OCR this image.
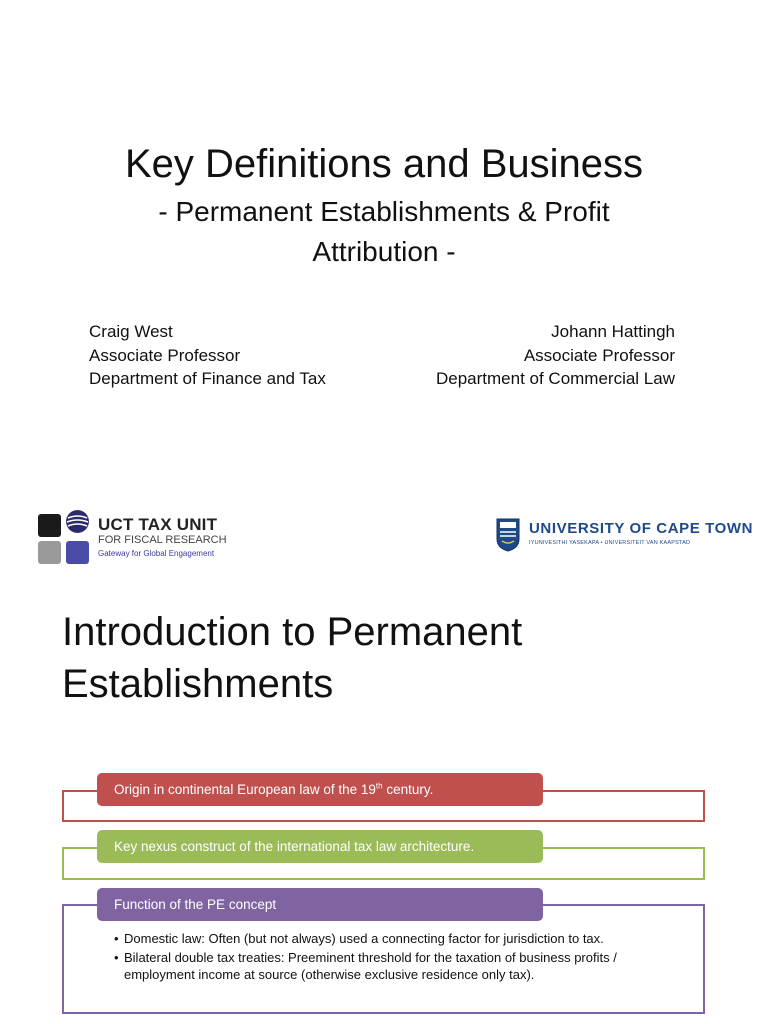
Key Definitions and Business
- Permanent Establishments & Profit
Attribution -
Craig West
Associate Professor
Department of Finance and Tax
Johann Hattingh
Associate Professor
Department of Commercial Law
UCT TAX UNIT
FOR FISCAL RESEARCH
Gateway for Global Engagement
UNIVERSITY OF CAPE TOWN
IYUNIVESITHI YASEKAPA • UNIVERSITEIT VAN KAAPSTAD
Introduction to Permanent
Establishments
Origin in continental European law of the 19th century.
Key nexus construct of the international tax law architecture.
Function of the PE concept
• Domestic law: Often (but not always) used a connecting factor for jurisdiction to tax.
• Bilateral double tax treaties: Preeminent threshold for the taxation of business profits / employment income at source (otherwise exclusive residence only tax).
